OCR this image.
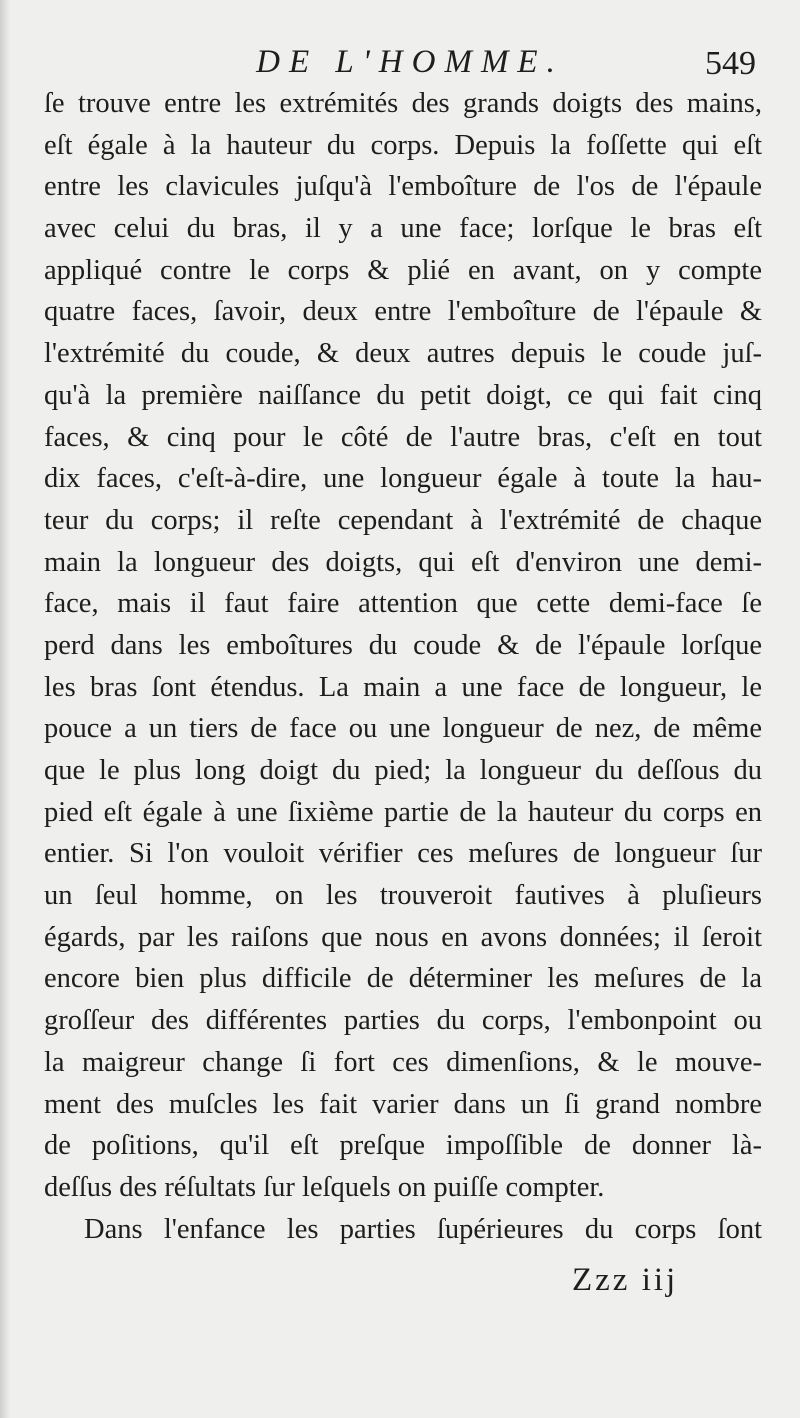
DE L'HOMME.	549
ſe trouve entre les extrémités des grands doigts des mains,
eſt égale à la hauteur du corps. Depuis la foſſette qui eſt
entre les clavicules juſqu'à l'emboîture de l'os de l'épaule
avec celui du bras, il y a une face; lorſque le bras eſt
appliqué contre le corps & plié en avant, on y compte
quatre faces, ſavoir, deux entre l'emboîture de l'épaule &
l'extrémité du coude, & deux autres depuis le coude juſ-
qu'à la première naiſſance du petit doigt, ce qui fait cinq
faces, & cinq pour le côté de l'autre bras, c'eſt en tout
dix faces, c'eſt-à-dire, une longueur égale à toute la hau-
teur du corps; il reſte cependant à l'extrémité de chaque
main la longueur des doigts, qui eſt d'environ une demi-
face, mais il faut faire attention que cette demi-face ſe
perd dans les emboîtures du coude & de l'épaule lorſque
les bras ſont étendus. La main a une face de longueur, le
pouce a un tiers de face ou une longueur de nez, de même
que le plus long doigt du pied; la longueur du deſſous du
pied eſt égale à une ſixième partie de la hauteur du corps en
entier. Si l'on vouloit vérifier ces meſures de longueur ſur
un ſeul homme, on les trouveroit fautives à pluſieurs
égards, par les raiſons que nous en avons données; il ſeroit
encore bien plus difficile de déterminer les meſures de la
groſſeur des différentes parties du corps, l'embonpoint ou
la maigreur change ſi fort ces dimenſions, & le mouve-
ment des muſcles les fait varier dans un ſi grand nombre
de poſitions, qu'il eſt preſque impoſſible de donner là-
deſſus des réſultats ſur leſquels on puiſſe compter.
Dans l'enfance les parties ſupérieures du corps ſont
Zzz iij
